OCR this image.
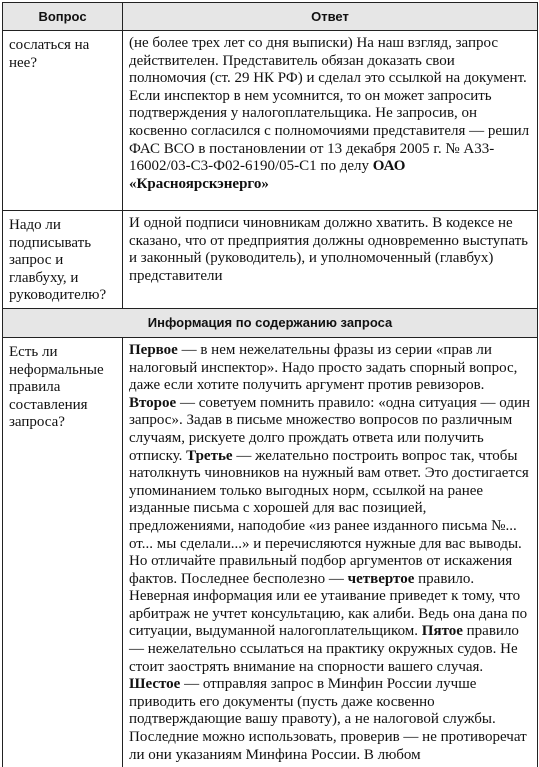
Вопрос	Ответ
сослаться на нее?	(не более трех лет со дня выписки) На наш взгляд, запрос действителен. Представитель обязан доказать свои полномочия (ст. 29 НК РФ) и сделал это ссылкой на документ. Если инспектор в нем усомнится, то он может запросить подтверждения у налогоплательщика. Не запросив, он косвенно согласился с полномочиями представителя — решил ФАС ВСО в постановлении от 13 декабря 2005 г. № А33-16002/03-С3-Ф02-6190/05-С1 по делу ОАО «Красноярскэнерго»
Надо ли подписывать запрос и главбуху, и руководителю?	И одной подписи чиновникам должно хватить. В кодексе не сказано, что от предприятия должны одновременно выступать и законный (руководитель), и уполномоченный (главбух) представители
Информация по содержанию запроса	
Есть ли неформальные правила составления запроса?	Первое — в нем нежелательны фразы из серии «прав ли налоговый инспектор». Надо просто задать спорный вопрос, даже если хотите получить аргумент против ревизоров. Второе — советуем помнить правило: «одна ситуация — один запрос». Задав в письме множество вопросов по различным случаям, рискуете долго прождать ответа или получить отписку. Третье — желательно построить вопрос так, чтобы натолкнуть чиновников на нужный вам ответ. Это достигается упоминанием только выгодных норм, ссылкой на ранее изданные письма с хорошей для вас позицией, предложениями, наподобие «из ранее изданного письма №... от... мы сделали...» и перечисляются нужные для вас выводы. Но отличайте правильный подбор аргументов от искажения фактов. Последнее бесполезно — четвертое правило. Неверная информация или ее утаивание приведет к тому, что арбитраж не учтет консультацию, как алиби. Ведь она дана по ситуации, выдуманной налогоплательщиком. Пятое правило — нежелательно ссылаться на практику окружных судов. Не стоит заострять внимание на спорности вашего случая. Шестое — отправляя запрос в Минфин России лучше приводить его документы (пусть даже косвенно подтверждающие вашу правоту), а не налоговой службы. Последние можно использовать, проверив — не противоречат ли они указаниям Минфина России. В любом
